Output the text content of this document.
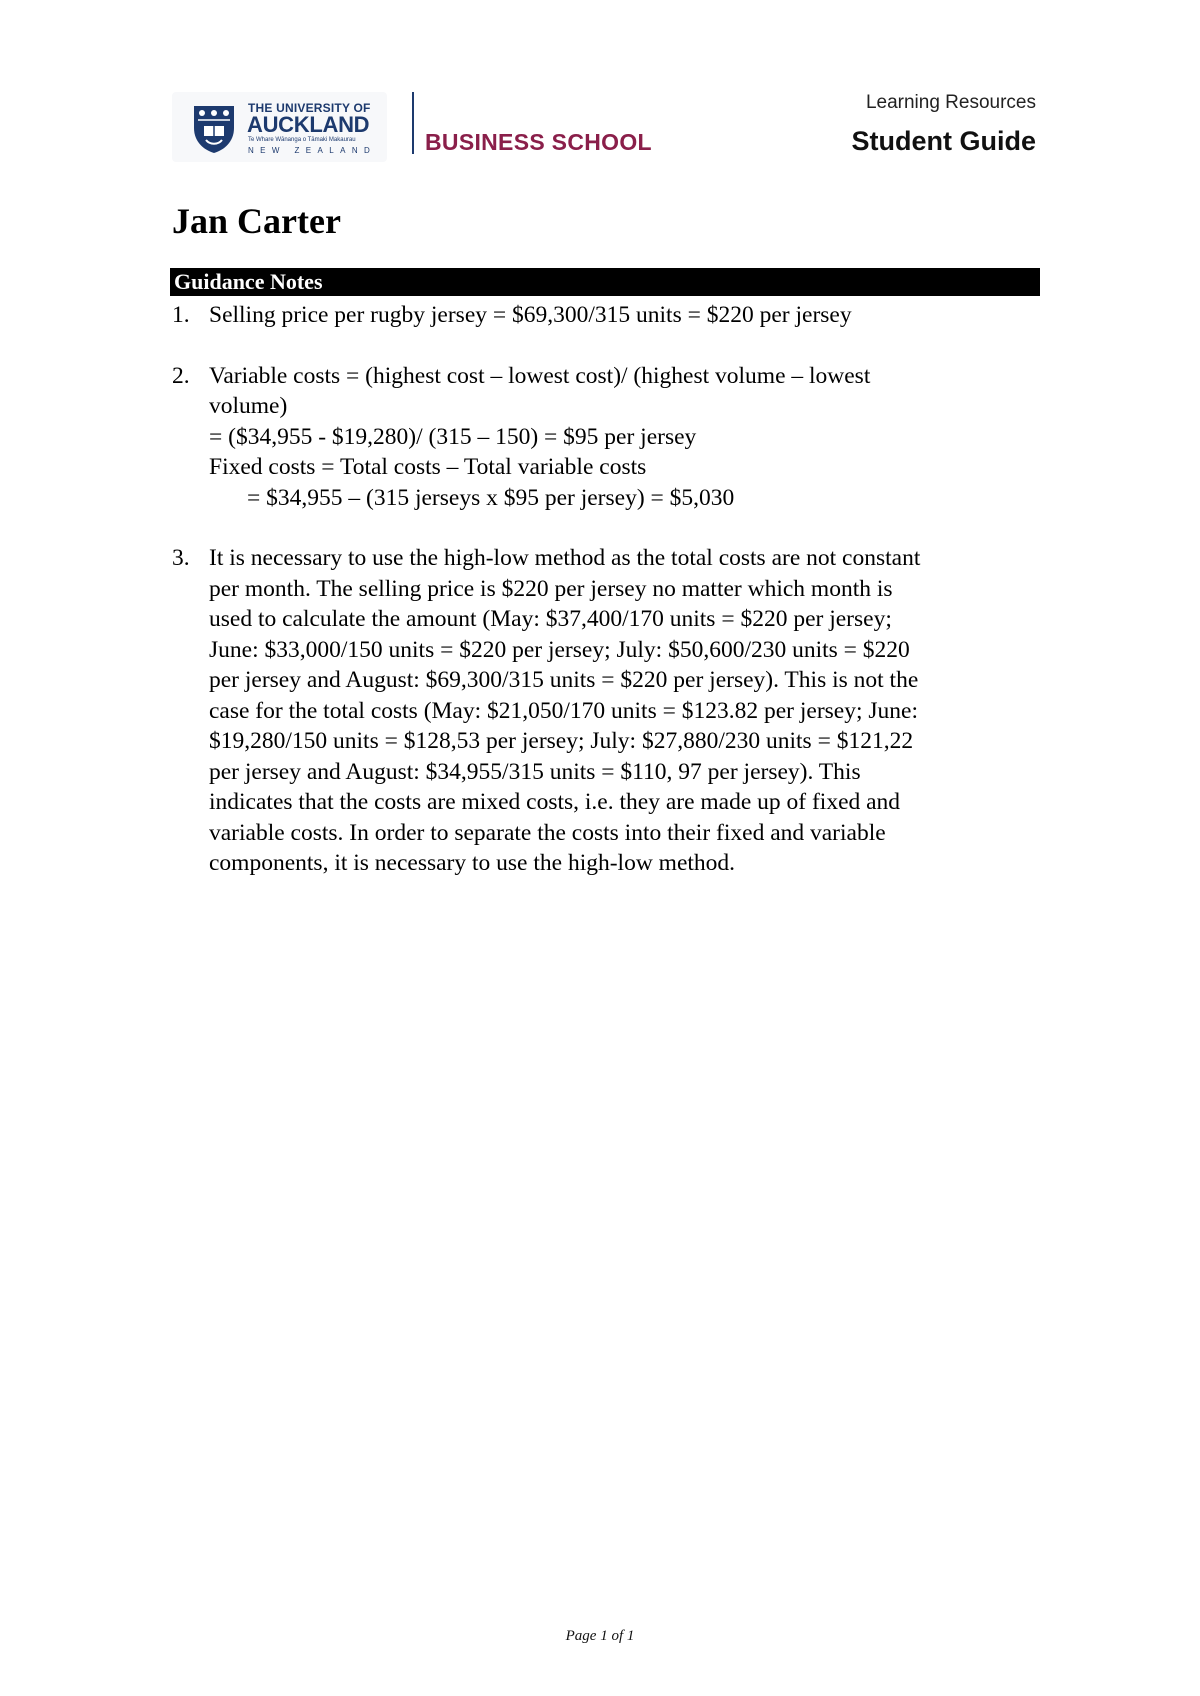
THE UNIVERSITY OF
AUCKLAND
Te Whare Wānanga o Tāmaki Makaurau
NEW ZEALAND BUSINESS SCHOOL
Learning Resources
Student Guide
Jan Carter
Guidance Notes
1. Selling price per rugby jersey = $69,300/315 units = $220 per jersey
2. Variable costs = (highest cost – lowest cost)/ (highest volume – lowest
volume)
= ($34,955 - $19,280)/ (315 – 150) = $95 per jersey
Fixed costs = Total costs – Total variable costs
= $34,955 – (315 jerseys x $95 per jersey) = $5,030
3. It is necessary to use the high-low method as the total costs are not constant
per month. The selling price is $220 per jersey no matter which month is
used to calculate the amount (May: $37,400/170 units = $220 per jersey;
June: $33,000/150 units = $220 per jersey; July: $50,600/230 units = $220
per jersey and August: $69,300/315 units = $220 per jersey). This is not the
case for the total costs (May: $21,050/170 units = $123.82 per jersey; June:
$19,280/150 units = $128,53 per jersey; July: $27,880/230 units = $121,22
per jersey and August: $34,955/315 units = $110, 97 per jersey). This
indicates that the costs are mixed costs, i.e. they are made up of fixed and
variable costs. In order to separate the costs into their fixed and variable
components, it is necessary to use the high-low method.
Page 1 of 1
